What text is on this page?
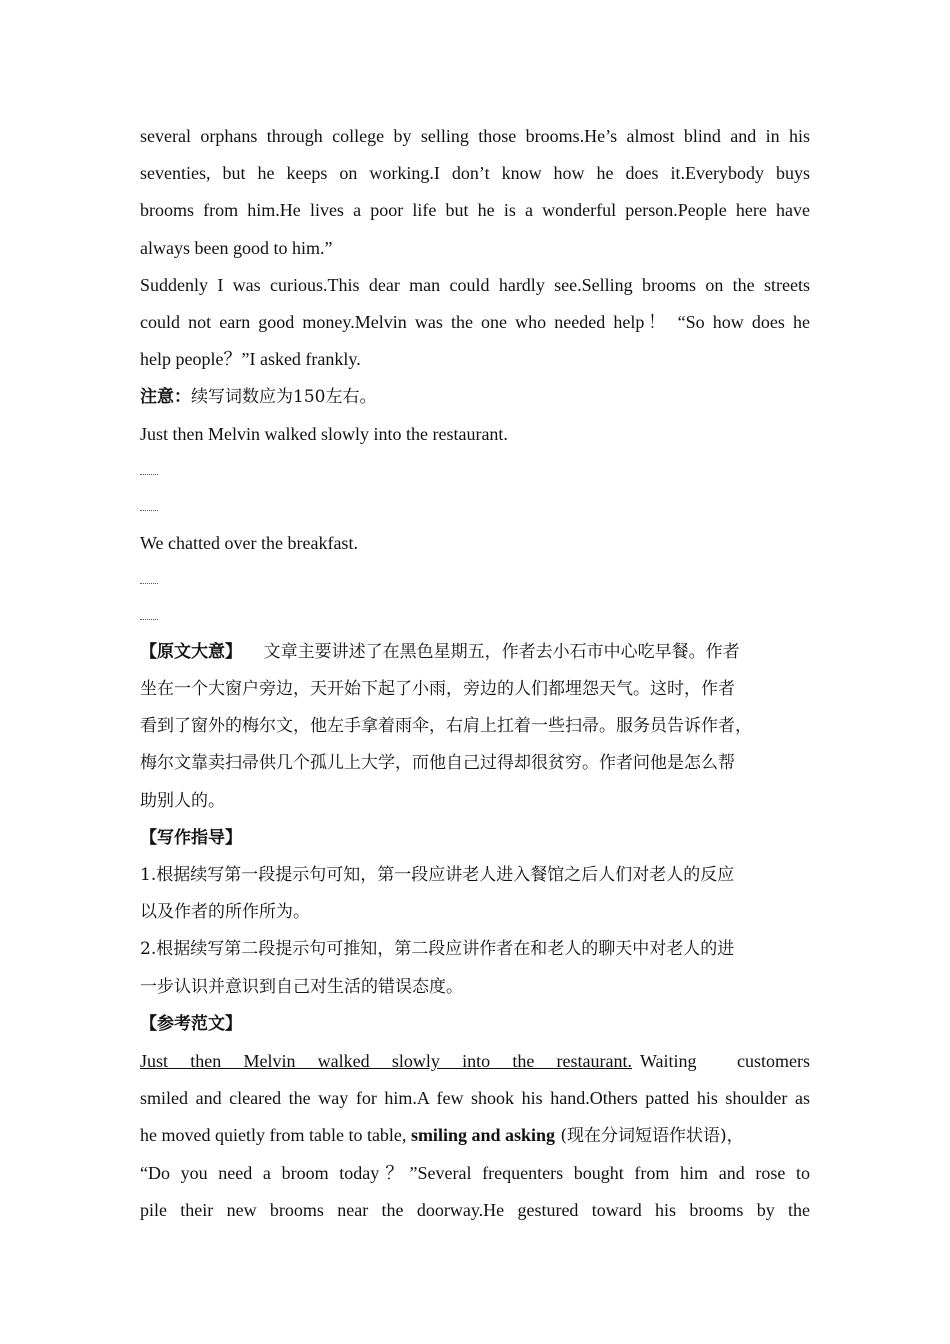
several orphans through college by selling those brooms.He’s almost blind and in his
seventies, but he keeps on working.I don’t know how he does it.Everybody buys
brooms from him.He lives a poor life but he is a wonderful person.People here have
always been good to him.”
Suddenly I was curious.This dear man could hardly see.Selling brooms on the streets
could not earn good money.Melvin was the one who needed help！ “So how does he
help people？”I asked frankly.
注意：续写词数应为150左右。
Just then Melvin walked slowly into the restaurant.
We chatted over the breakfast.
【原文大意】 文章主要讲述了在黑色星期五，作者去小石市中心吃早餐。作者
坐在一个大窗户旁边，天开始下起了小雨，旁边的人们都埋怨天气。这时，作者
看到了窗外的梅尔文，他左手拿着雨伞，右肩上扛着一些扫帚。服务员告诉作者，
梅尔文靠卖扫帚供几个孤儿上大学，而他自己过得却很贫穷。作者问他是怎么帮
助别人的。
【写作指导】
1.根据续写第一段提示句可知，第一段应讲老人进入餐馆之后人们对老人的反应
以及作者的所作所为。
2.根据续写第二段提示句可推知，第二段应讲作者在和老人的聊天中对老人的进
一步认识并意识到自己对生活的错误态度。
【参考范文】
Just then Melvin walked slowly into the restaurant. Waiting customers
smiled and cleared the way for him.A few shook his hand.Others patted his shoulder as
he moved quietly from table to table, smiling and asking (现在分词短语作状语)，
“Do you need a broom today？”Several frequenters bought from him and rose to
pile their new brooms near the doorway.He gestured toward his brooms by the
